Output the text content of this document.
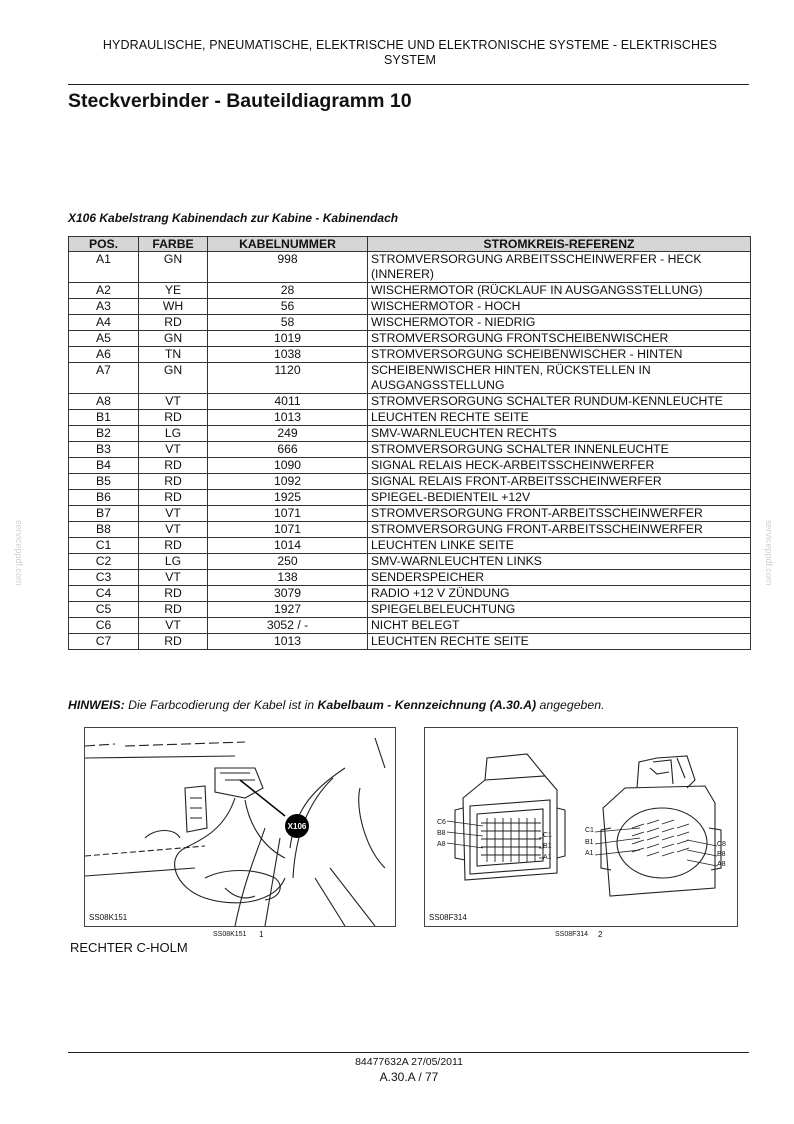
HYDRAULISCHE, PNEUMATISCHE, ELEKTRISCHE UND ELEKTRONISCHE SYSTEME - ELEKTRISCHES
SYSTEM
Steckverbinder - Bauteildiagramm 10
X106 Kabelstrang Kabinendach zur Kabine - Kabinendach
POS.	FARBE	KABELNUMMER	STROMKREIS-REFERENZ
A1	GN	998	STROMVERSORGUNG ARBEITSSCHEINWERFER - HECK (INNERER)
A2	YE	28	WISCHERMOTOR (RÜCKLAUF IN AUSGANGSSTELLUNG)
A3	WH	56	WISCHERMOTOR - HOCH
A4	RD	58	WISCHERMOTOR - NIEDRIG
A5	GN	1019	STROMVERSORGUNG FRONTSCHEIBENWISCHER
A6	TN	1038	STROMVERSORGUNG SCHEIBENWISCHER - HINTEN
A7	GN	1120	SCHEIBENWISCHER HINTEN, RÜCKSTELLEN IN AUSGANGSSTELLUNG
A8	VT	4011	STROMVERSORGUNG SCHALTER RUNDUM-KENNLEUCHTE
B1	RD	1013	LEUCHTEN RECHTE SEITE
B2	LG	249	SMV-WARNLEUCHTEN RECHTS
B3	VT	666	STROMVERSORGUNG SCHALTER INNENLEUCHTE
B4	RD	1090	SIGNAL RELAIS HECK-ARBEITSSCHEINWERFER
B5	RD	1092	SIGNAL RELAIS FRONT-ARBEITSSCHEINWERFER
B6	RD	1925	SPIEGEL-BEDIENTEIL +12V
B7	VT	1071	STROMVERSORGUNG FRONT-ARBEITSSCHEINWERFER
B8	VT	1071	STROMVERSORGUNG FRONT-ARBEITSSCHEINWERFER
C1	RD	1014	LEUCHTEN LINKE SEITE
C2	LG	250	SMV-WARNLEUCHTEN LINKS
C3	VT	138	SENDERSPEICHER
C4	RD	3079	RADIO +12 V ZÜNDUNG
C5	RD	1927	SPIEGELBELEUCHTUNG
C6	VT	3052 / -	NICHT BELEGT
C7	RD	1013	LEUCHTEN RECHTE SEITE
HINWEIS: Die Farbcodierung der Kabel ist in Kabelbaum - Kennzeichnung (A.30.A) angegeben.
X106
SS08K151
SS08K151 1
C6
B8
A8
C1
B1
A1
C1
B1
A1
C8
B8
A8
SS08F314
SS08F314 2
RECHTER C-HOLM
serviceppdf.com	serviceppdf.com
84477632A 27/05/2011
A.30.A / 77
